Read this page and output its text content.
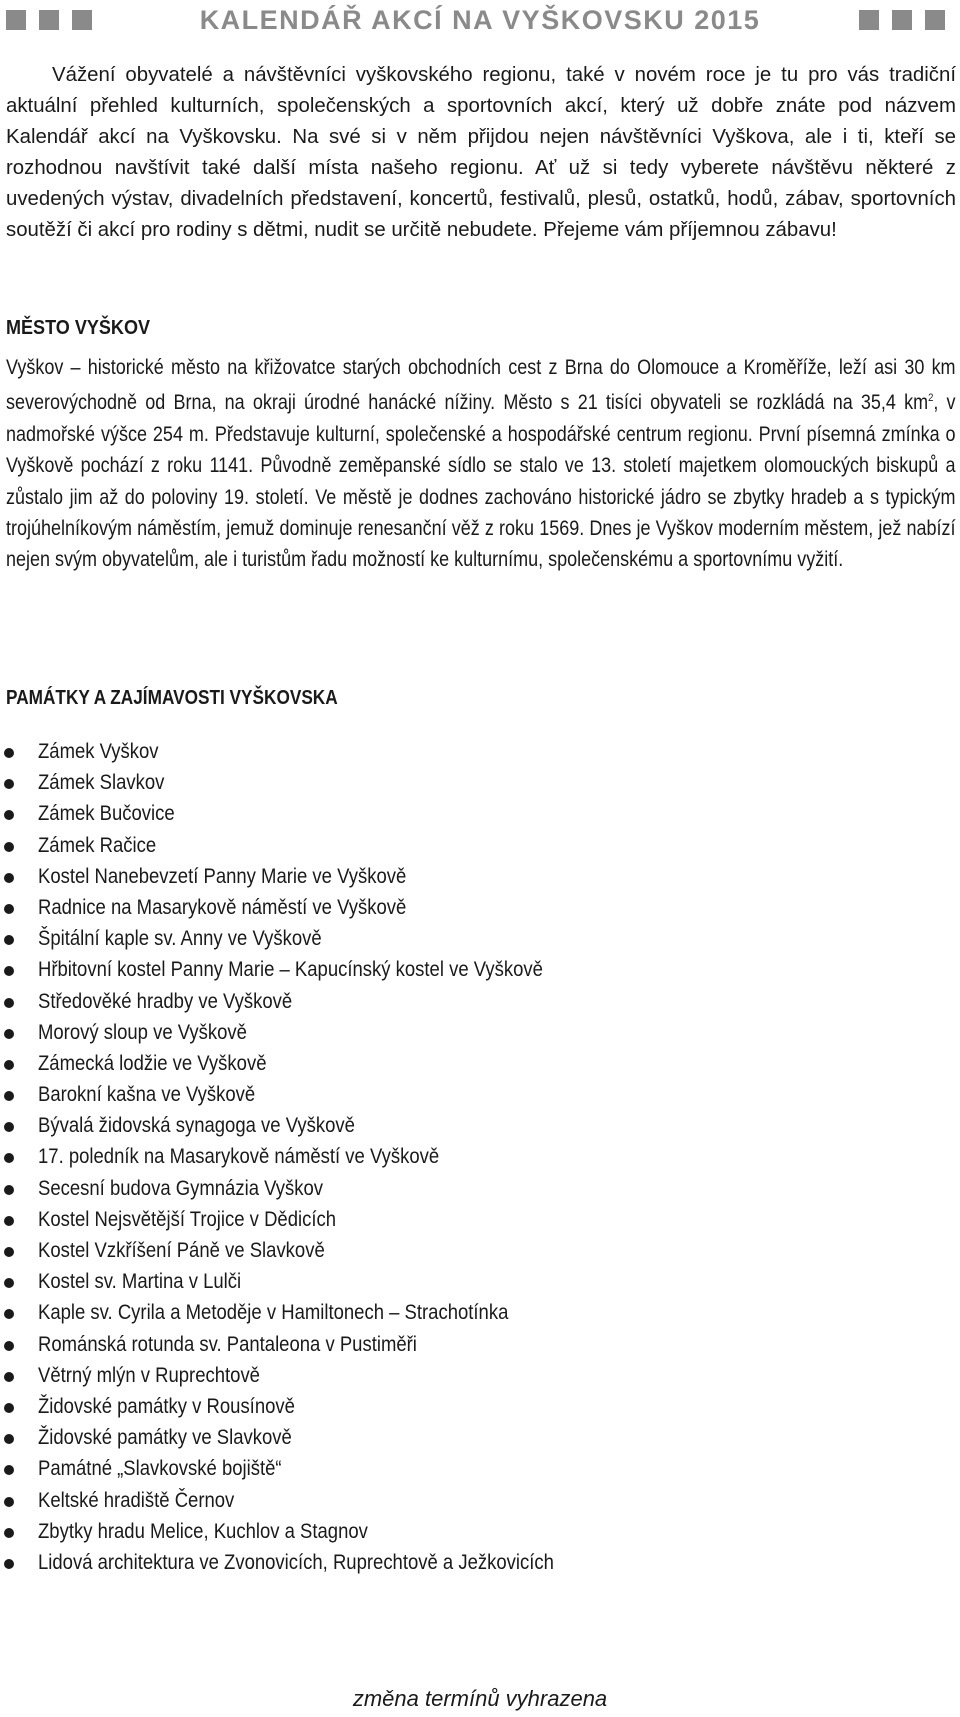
KALENDÁŘ AKCÍ NA VYŠKOVSKU 2015
Vážení obyvatelé a návštěvníci vyškovského regionu, také v novém roce je tu pro vás tradiční aktuální přehled kulturních, společenských a sportovních akcí, který už dobře znáte pod názvem Kalendář akcí na Vyškovsku. Na své si v něm přijdou nejen návštěvníci Vyškova, ale i ti, kteří se rozhodnou navštívit také další místa našeho regionu. Ať už si tedy vyberete návštěvu některé z uvedených výstav, divadelních představení, koncertů, festivalů, plesů, ostatků, hodů, zábav, sportovních soutěží či akcí pro rodiny s dětmi, nudit se určitě nebudete. Přejeme vám příjemnou zábavu!
MĚSTO VYŠKOV
Vyškov – historické město na křižovatce starých obchodních cest z Brna do Olomouce a Kroměříže, leží asi 30 km severovýchodně od Brna, na okraji úrodné hanácké nížiny. Město s 21 tisíci obyvateli se rozkládá na 35,4 $km^2$, v nadmořské výšce 254 m. Představuje kulturní, společenské a hospodářské centrum regionu. První písemná zmínka o Vyškově pochází z roku 1141. Původně zeměpanské sídlo se stalo ve 13. století majetkem olomouckých biskupů a zůstalo jim až do poloviny 19. století. Ve městě je dodnes zachováno historické jádro se zbytky hradeb a s typickým trojúhelníkovým náměstím, jemuž dominuje renesanční věž z roku 1569. Dnes je Vyškov moderním městem, jež nabízí nejen svým obyvatelům, ale i turistům řadu možností ke kulturnímu, společenskému a sportovnímu vyžití.
PAMÁTKY A ZAJÍMAVOSTI VYŠKOVSKA
Zámek Vyškov
Zámek Slavkov
Zámek Bučovice
Zámek Račice
Kostel Nanebevzetí Panny Marie ve Vyškově
Radnice na Masarykově náměstí ve Vyškově
Špitální kaple sv. Anny ve Vyškově
Hřbitovní kostel Panny Marie – Kapucínský kostel ve Vyškově
Středověké hradby ve Vyškově
Morový sloup ve Vyškově
Zámecká lodžie ve Vyškově
Barokní kašna ve Vyškově
Bývalá židovská synagoga ve Vyškově
17. poledník na Masarykově náměstí ve Vyškově
Secesní budova Gymnázia Vyškov
Kostel Nejsvětější Trojice v Dědicích
Kostel Vzkříšení Páně ve Slavkově
Kostel sv. Martina v Lulči
Kaple sv. Cyrila a Metoděje v Hamiltonech – Strachotínka
Románská rotunda sv. Pantaleona v Pustiměři
Větrný mlýn v Ruprechtově
Židovské památky v Rousínově
Židovské památky ve Slavkově
Památné „Slavkovské bojiště“
Keltské hradiště Černov
Zbytky hradu Melice, Kuchlov a Stagnov
Lidová architektura ve Zvonovicích, Ruprechtově a Ježkovicích
změna termínů vyhrazena
